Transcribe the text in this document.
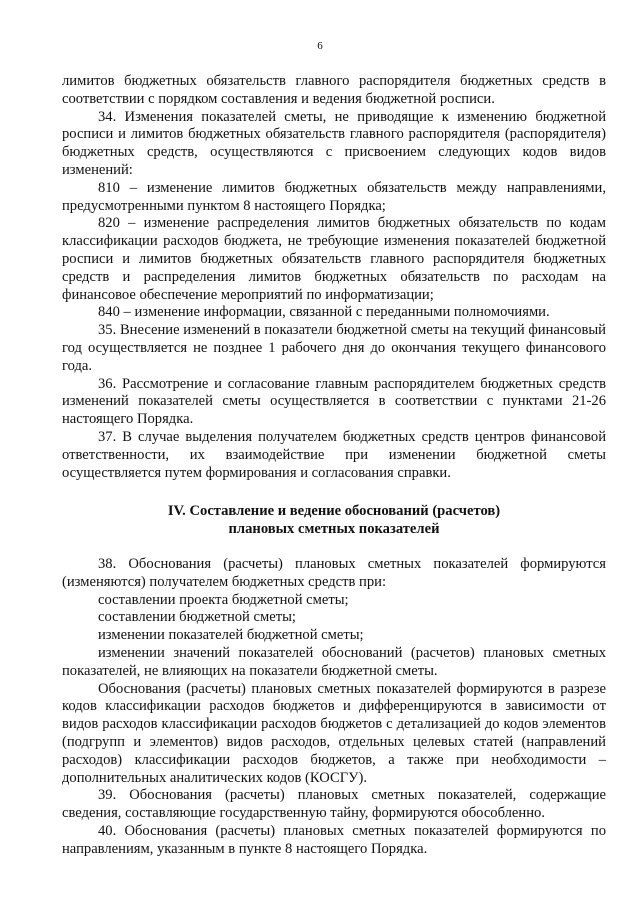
6

лимитов бюджетных обязательств главного распорядителя бюджетных средств в соответствии с порядком составления и ведения бюджетной росписи.

34. Изменения показателей сметы, не приводящие к изменению бюджетной росписи и лимитов бюджетных обязательств главного распорядителя (распорядителя) бюджетных средств, осуществляются с присвоением следующих кодов видов изменений:

810 – изменение лимитов бюджетных обязательств между направлениями, предусмотренными пунктом 8 настоящего Порядка;

820 – изменение распределения лимитов бюджетных обязательств по кодам классификации расходов бюджета, не требующие изменения показателей бюджетной росписи и лимитов бюджетных обязательств главного распорядителя бюджетных средств и распределения лимитов бюджетных обязательств по расходам на финансовое обеспечение мероприятий по информатизации;

840 – изменение информации, связанной с переданными полномочиями.

35. Внесение изменений в показатели бюджетной сметы на текущий финансовый год осуществляется не позднее 1 рабочего дня до окончания текущего финансового года.

36. Рассмотрение и согласование главным распорядителем бюджетных средств изменений показателей сметы осуществляется в соответствии с пунктами 21-26 настоящего Порядка.

37. В случае выделения получателем бюджетных средств центров финансовой ответственности, их взаимодействие при изменении бюджетной сметы осуществляется путем формирования и согласования справки.

IV. Составление и ведение обоснований (расчетов)
плановых сметных показателей

38. Обоснования (расчеты) плановых сметных показателей формируются (изменяются) получателем бюджетных средств при:

составлении проекта бюджетной сметы;

составлении бюджетной сметы;

изменении показателей бюджетной сметы;

изменении значений показателей обоснований (расчетов) плановых сметных показателей, не влияющих на показатели бюджетной сметы.

Обоснования (расчеты) плановых сметных показателей формируются в разрезе кодов классификации расходов бюджетов и дифференцируются в зависимости от видов расходов классификации расходов бюджетов с детализацией до кодов элементов (подгрупп и элементов) видов расходов, отдельных целевых статей (направлений расходов) классификации расходов бюджетов, а также при необходимости – дополнительных аналитических кодов (КОСГУ).

39. Обоснования (расчеты) плановых сметных показателей, содержащие сведения, составляющие государственную тайну, формируются обособленно.

40. Обоснования (расчеты) плановых сметных показателей формируются по направлениям, указанным в пункте 8 настоящего Порядка.
